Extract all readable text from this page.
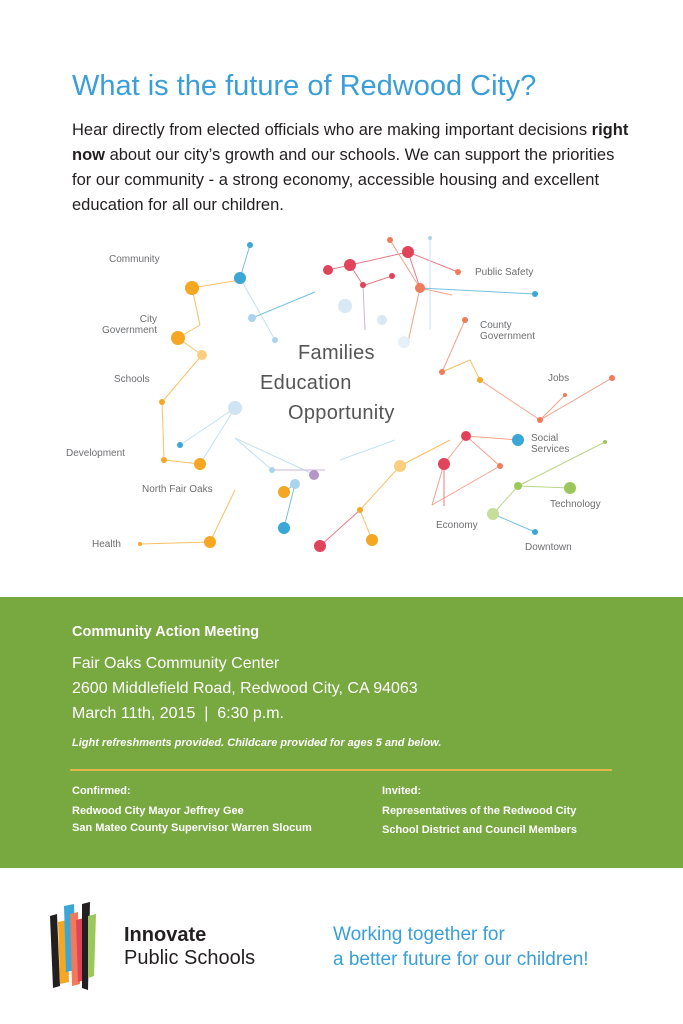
What is the future of Redwood City?
Hear directly from elected officials who are making important decisions right now about our city’s growth and our schools. We can support the priorities for our community - a strong economy, accessible housing and excellent education for all our children.
Community
Public Safety
City
Government	County
Government
Schools	Jobs
Development
Social
Services
North Fair Oaks
Technology
Economy
Health	Downtown
Families
Education
Opportunity
Community Action Meeting
Fair Oaks Community Center
2600 Middlefield Road, Redwood City, CA 94063
March 11th, 2015  |  6:30 p.m.
Light refreshments provided. Childcare provided for ages 5 and below.
Confirmed:
Redwood City Mayor Jeffrey Gee
San Mateo County Supervisor Warren Slocum
Invited:
Representatives of the Redwood City
School District and Council Members
Innovate
Public Schools
Working together for
a better future for our children!
